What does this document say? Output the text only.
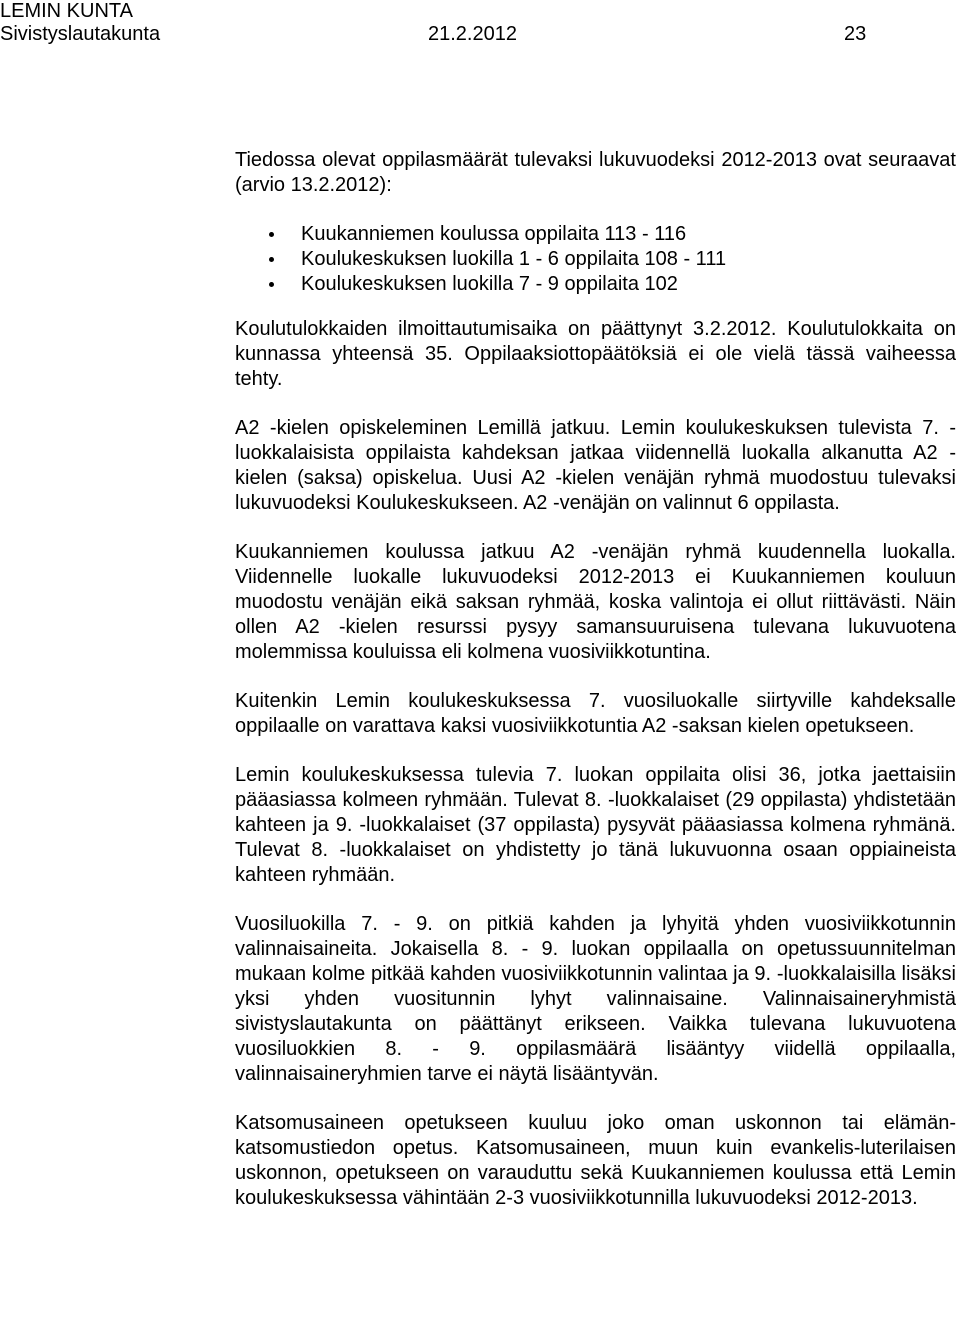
LEMIN KUNTA
Sivistyslautakunta	21.2.2012	23

Tiedossa olevat oppilasmäärät tulevaksi lukuvuodeksi 2012-2013 ovat seuraavat (arvio 13.2.2012):

Kuukanniemen koulussa oppilaita 113 - 116
Koulukeskuksen luokilla 1 - 6 oppilaita 108 - 111
Koulukeskuksen luokilla 7 - 9 oppilaita 102

Koulutulokkaiden ilmoittautumisaika on päättynyt 3.2.2012. Koulutulokkaita on kunnassa yhteensä 35. Oppilaaksiottopäätöksiä ei ole vielä tässä vaiheessa tehty.

A2 -kielen opiskeleminen Lemillä jatkuu. Lemin koulukeskuksen tulevista 7. -luokkalaisista oppilaista kahdeksan jatkaa viidennellä luokalla alkanutta A2 -kielen (saksa) opiskelua. Uusi A2 -kielen venäjän ryhmä muodostuu tulevaksi lukuvuodeksi Koulukeskukseen. A2 -venäjän on valinnut 6 oppilasta.

Kuukanniemen koulussa jatkuu A2 -venäjän ryhmä kuudennella luokalla. Viidennelle luokalle lukuvuodeksi 2012-2013 ei Kuukanniemen kouluun muodostu venäjän eikä saksan ryhmää, koska valintoja ei ollut riittävästi. Näin ollen A2 -kielen resurssi pysyy samansuuruisena tulevana lukuvuotena molemmissa kouluissa eli kolmena vuosiviikkotuntina.

Kuitenkin Lemin koulukeskuksessa 7. vuosiluokalle siirtyville kahdeksalle oppilaalle on varattava kaksi vuosiviikkotuntia A2 -saksan kielen opetukseen.

Lemin koulukeskuksessa tulevia 7. luokan oppilaita olisi 36, jotka jaettaisiin pääasiassa kolmeen ryhmään. Tulevat 8. -luokkalaiset (29 oppilasta) yhdistetään kahteen ja 9. -luokkalaiset (37 oppilasta) pysyvät pääasiassa kolmena ryhmänä. Tulevat 8. -luokkalaiset on yhdistetty jo tänä lukuvuonna osaan oppiaineista kahteen ryhmään.

Vuosiluokilla 7. - 9. on pitkiä kahden ja lyhyitä yhden vuosiviikkotunnin valinnaisaineita. Jokaisella 8. - 9. luokan oppilaalla on opetussuunnitelman mukaan kolme pitkää kahden vuosiviikkotunnin valintaa ja 9. -luokkalaisilla lisäksi yksi yhden vuositunnin lyhyt valinnaisaine. Valinnaisaineryhmistä sivistyslautakunta on päättänyt erikseen. Vaikka tulevana lukuvuotena vuosiluokkien 8. - 9. oppilasmäärä lisääntyy viidellä oppilaalla, valinnaisaineryhmien tarve ei näytä lisääntyvän.

Katsomusaineen opetukseen kuuluu joko oman uskonnon tai elämänkatsomustiedon opetus. Katsomusaineen, muun kuin evankelis-luterilaisen uskonnon, opetukseen on varauduttu sekä Kuukanniemen koulussa että Lemin koulukeskuksessa vähintään 2-3 vuosiviikkotunnilla lukuvuodeksi 2012-2013.
